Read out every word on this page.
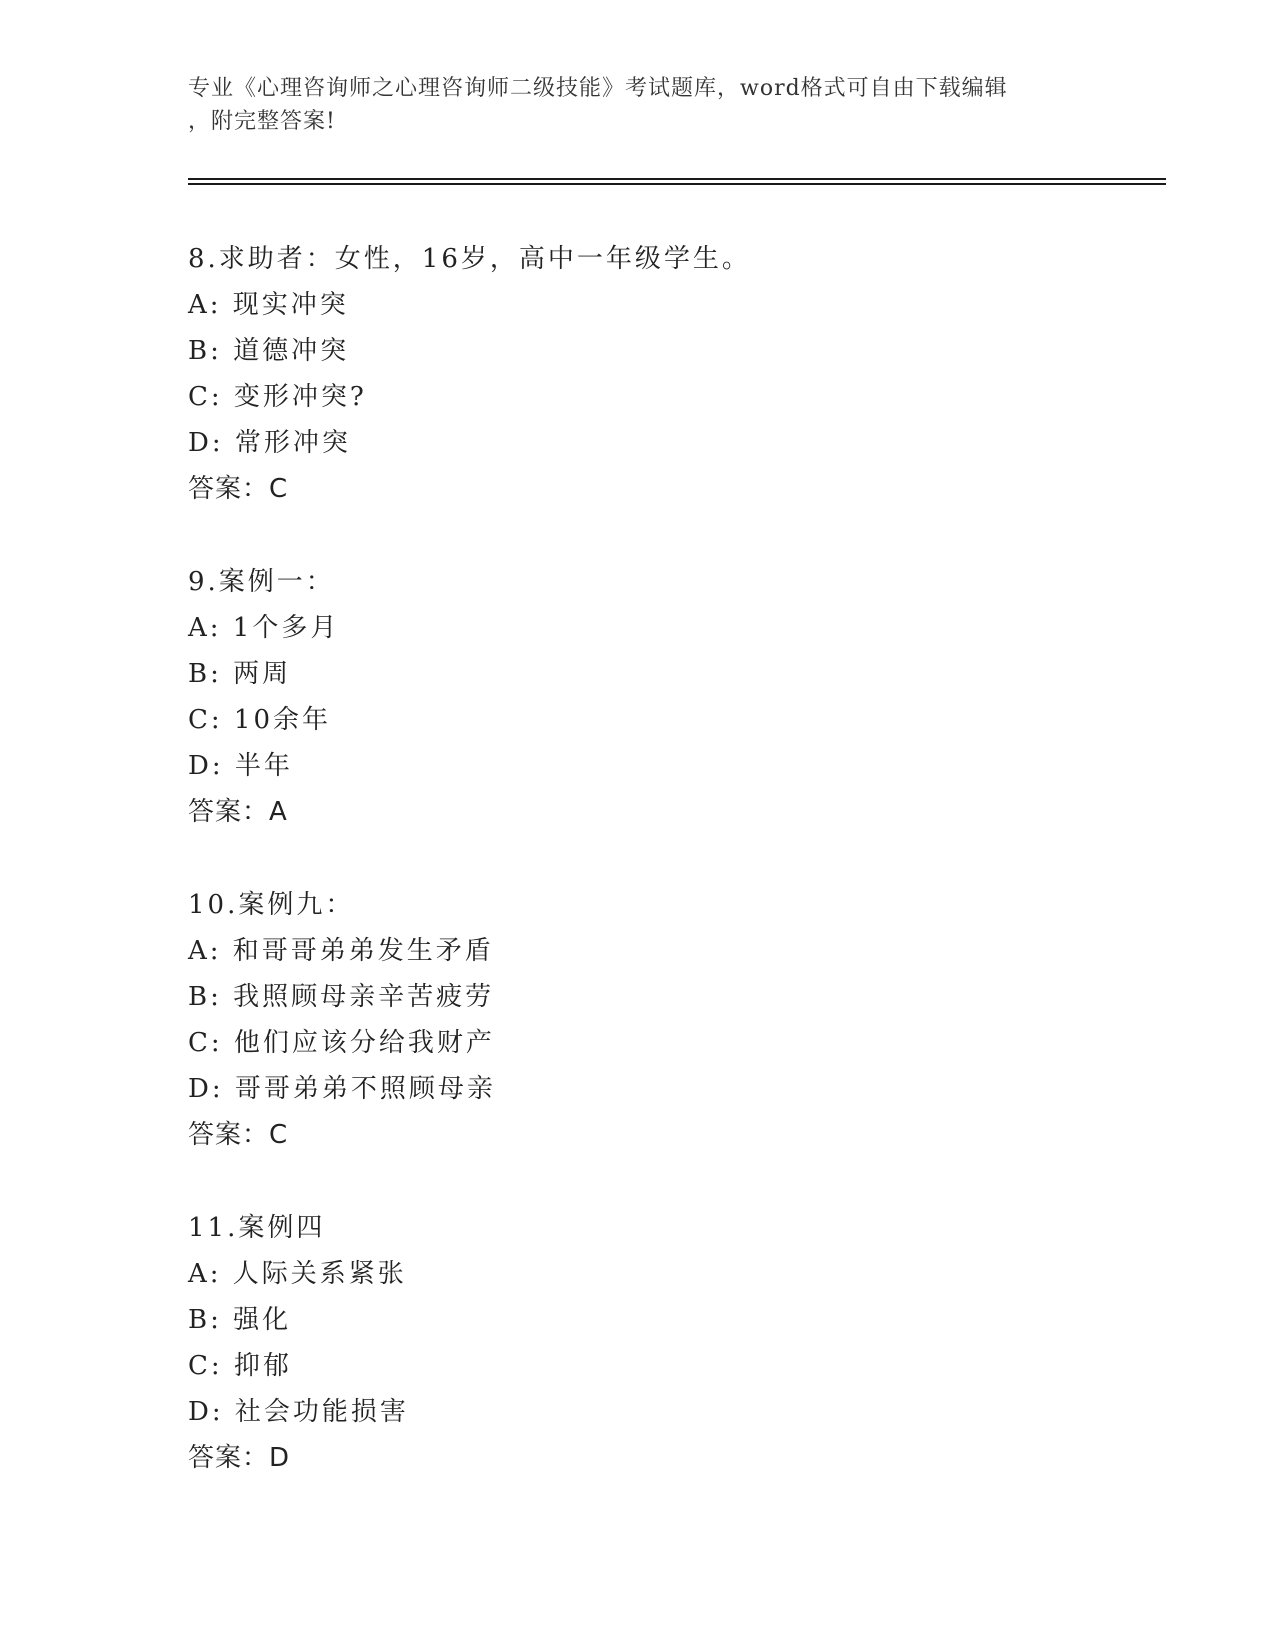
专业《心理咨询师之心理咨询师二级技能》考试题库，word格式可自由下载编辑
，附完整答案!
8.求助者：女性，16岁，高中一年级学生。
A: 现实冲突
B: 道德冲突
C: 变形冲突?
D: 常形冲突
答案：C
9.案例一：
A: 1个多月
B: 两周
C: 10余年
D: 半年
答案：A
10.案例九：
A: 和哥哥弟弟发生矛盾
B: 我照顾母亲辛苦疲劳
C: 他们应该分给我财产
D: 哥哥弟弟不照顾母亲
答案：C
11.案例四
A: 人际关系紧张
B: 强化
C: 抑郁
D: 社会功能损害
答案：D
